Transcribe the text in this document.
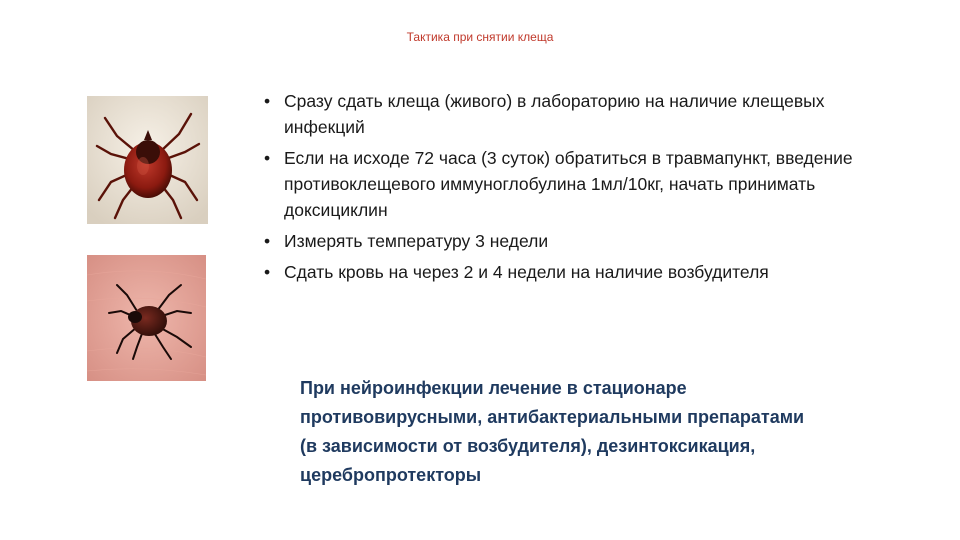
Тактика при снятии клеща
• Сразу сдать клеща (живого) в лабораторию на наличие клещевых инфекций
• Если на исходе 72 часа (3 суток) обратиться в травмапункт, введение противоклещевого иммуноглобулина 1мл/10кг, начать принимать доксициклин
• Измерять температуру 3 недели
• Сдать кровь на через 2 и 4 недели на наличие возбудителя
При нейроинфекции лечение в стационаре противовирусными, антибактериальными препаратами (в зависимости от возбудителя), дезинтоксикация, церебропротекторы
